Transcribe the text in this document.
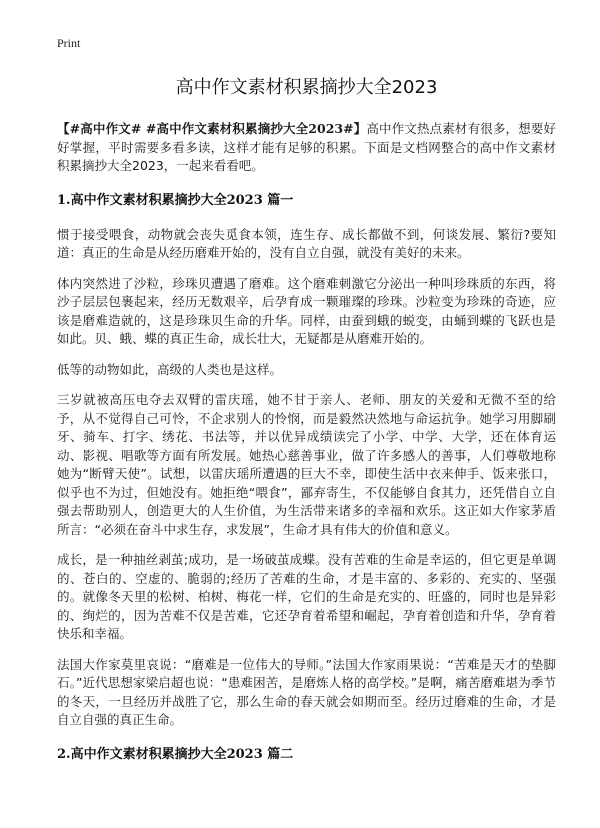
Print
高中作文素材积累摘抄大全2023

【#高中作文# #高中作文素材积累摘抄大全2023#】高中作文热点素材有很多，想要好好掌握，平时需要多看多读，这样才能有足够的积累。下面是文档网整合的高中作文素材积累摘抄大全2023，一起来看看吧。

1.高中作文素材积累摘抄大全2023 篇一

惯于接受喂食，动物就会丧失觅食本领，连生存、成长都做不到，何谈发展、繁衍?要知道：真正的生命是从经历磨难开始的，没有自立自强，就没有美好的未来。

体内突然进了沙粒，珍珠贝遭遇了磨难。这个磨难刺激它分泌出一种叫珍珠质的东西，将沙子层层包裹起来，经历无数艰辛，后孕育成一颗璀璨的珍珠。沙粒变为珍珠的奇迹，应该是磨难造就的，这是珍珠贝生命的升华。同样，由蚕到蛾的蜕变，由蛹到蝶的飞跃也是如此。贝、蛾、蝶的真正生命，成长壮大，无疑都是从磨难开始的。

低等的动物如此，高级的人类也是这样。

三岁就被高压电夺去双臂的雷庆瑶，她不甘于亲人、老师、朋友的关爱和无微不至的给予，从不觉得自己可怜，不企求别人的怜悯，而是毅然决然地与命运抗争。她学习用脚刷牙、骑车、打字、绣花、书法等，并以优异成绩读完了小学、中学、大学，还在体育运动、影视、唱歌等方面有所发展。她热心慈善事业，做了许多感人的善事，人们尊敬地称她为“断臂天使”。试想，以雷庆瑶所遭遇的巨大不幸，即使生活中衣来伸手、饭来张口，似乎也不为过，但她没有。她拒绝“喂食”，鄙弃寄生，不仅能够自食其力，还凭借自立自强去帮助别人，创造更大的人生价值，为生活带来诸多的幸福和欢乐。这正如大作家茅盾所言：“必须在奋斗中求生存，求发展”，生命才具有伟大的价值和意义。

成长，是一种抽丝剥茧;成功，是一场破茧成蝶。没有苦难的生命是幸运的，但它更是单调的、苍白的、空虚的、脆弱的;经历了苦难的生命，才是丰富的、多彩的、充实的、坚强的。就像冬天里的松树、柏树、梅花一样，它们的生命是充实的、旺盛的，同时也是异彩的、绚烂的，因为苦难不仅是苦难，它还孕育着希望和崛起，孕育着创造和升华，孕育着快乐和幸福。

法国大作家莫里哀说：“磨难是一位伟大的导师。”法国大作家雨果说：“苦难是天才的垫脚石。”近代思想家梁启超也说：“患难困苦，是磨炼人格的高学校。”是啊，痛苦磨难堪为季节的冬天，一旦经历并战胜了它，那么生命的春天就会如期而至。经历过磨难的生命，才是自立自强的真正生命。

2.高中作文素材积累摘抄大全2023 篇二
